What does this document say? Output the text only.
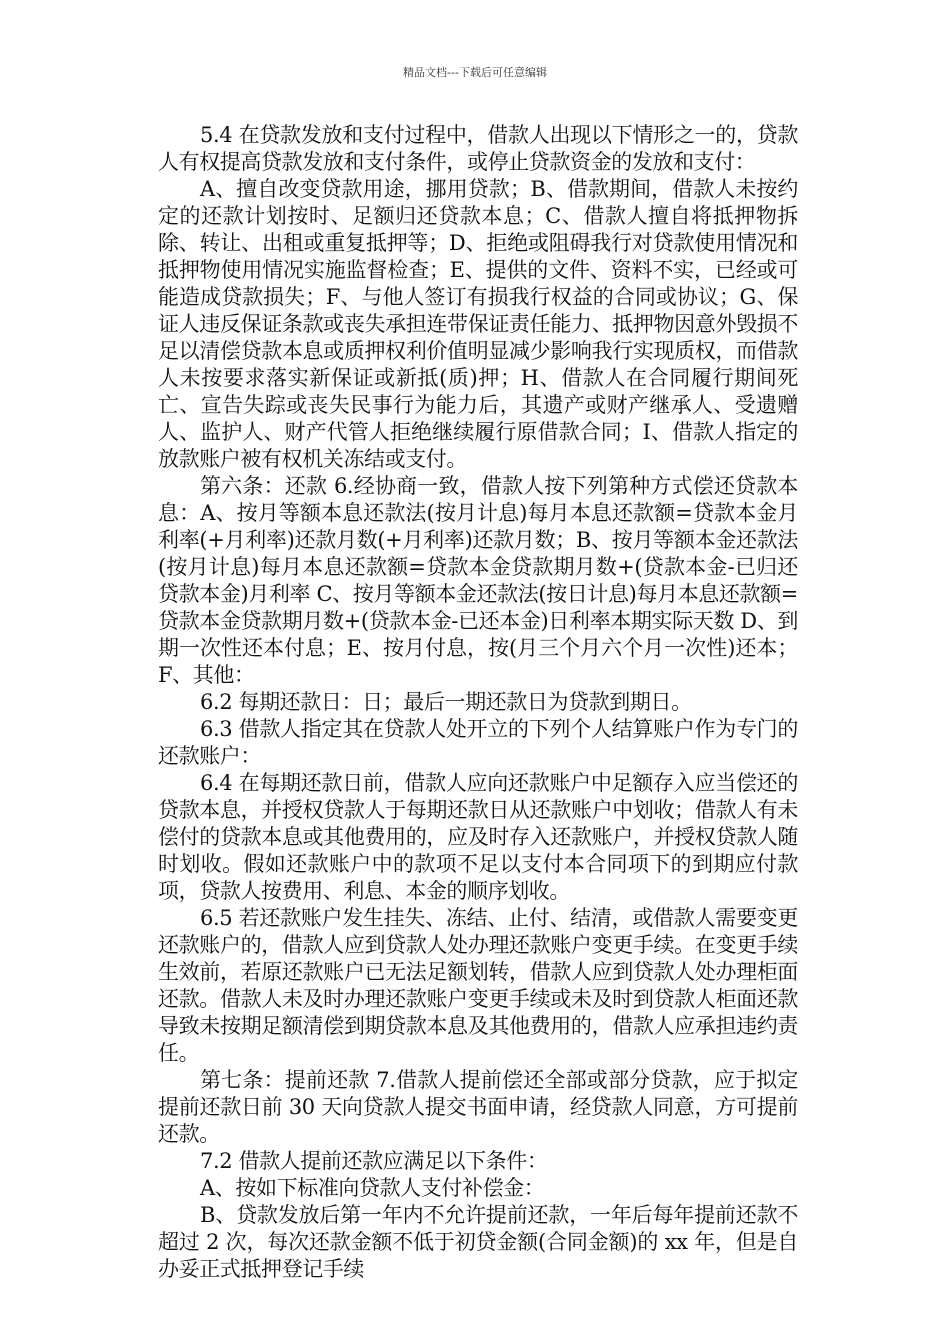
精品文档---下载后可任意编辑

5.4 在贷款发放和支付过程中，借款人出现以下情形之一的，贷款人有权提高贷款发放和支付条件，或停止贷款资金的发放和支付：

A、擅自改变贷款用途，挪用贷款；B、借款期间，借款人未按约定的还款计划按时、足额归还贷款本息；C、借款人擅自将抵押物拆除、转让、出租或重复抵押等；D、拒绝或阻碍我行对贷款使用情况和抵押物使用情况实施监督检查；E、提供的文件、资料不实，已经或可能造成贷款损失；F、与他人签订有损我行权益的合同或协议；G、保证人违反保证条款或丧失承担连带保证责任能力、抵押物因意外毁损不足以清偿贷款本息或质押权利价值明显减少影响我行实现质权，而借款人未按要求落实新保证或新抵(质)押；H、借款人在合同履行期间死亡、宣告失踪或丧失民事行为能力后，其遗产或财产继承人、受遗赠人、监护人、财产代管人拒绝继续履行原借款合同；I、借款人指定的放款账户被有权机关冻结或支付。

第六条：还款 6.经协商一致，借款人按下列第种方式偿还贷款本息：A、按月等额本息还款法(按月计息)每月本息还款额=贷款本金月利率(+月利率)还款月数(+月利率)还款月数；B、按月等额本金还款法(按月计息)每月本息还款额=贷款本金贷款期月数+(贷款本金-已归还贷款本金)月利率 C、按月等额本金还款法(按日计息)每月本息还款额=贷款本金贷款期月数+(贷款本金-已还本金)日利率本期实际天数 D、到期一次性还本付息；E、按月付息，按(月三个月六个月一次性)还本；F、其他：

6.2 每期还款日：日；最后一期还款日为贷款到期日。

6.3 借款人指定其在贷款人处开立的下列个人结算账户作为专门的还款账户：

6.4 在每期还款日前，借款人应向还款账户中足额存入应当偿还的贷款本息，并授权贷款人于每期还款日从还款账户中划收；借款人有未偿付的贷款本息或其他费用的，应及时存入还款账户，并授权贷款人随时划收。假如还款账户中的款项不足以支付本合同项下的到期应付款项，贷款人按费用、利息、本金的顺序划收。

6.5 若还款账户发生挂失、冻结、止付、结清，或借款人需要变更还款账户的，借款人应到贷款人处办理还款账户变更手续。在变更手续生效前，若原还款账户已无法足额划转，借款人应到贷款人处办理柜面还款。借款人未及时办理还款账户变更手续或未及时到贷款人柜面还款导致未按期足额清偿到期贷款本息及其他费用的，借款人应承担违约责任。

第七条：提前还款 7.借款人提前偿还全部或部分贷款，应于拟定提前还款日前 30 天向贷款人提交书面申请，经贷款人同意，方可提前还款。

7.2 借款人提前还款应满足以下条件：

A、按如下标准向贷款人支付补偿金：

B、贷款发放后第一年内不允许提前还款，一年后每年提前还款不超过 2 次，每次还款金额不低于初贷金额(合同金额)的 xx 年，但是自办妥正式抵押登记手续
